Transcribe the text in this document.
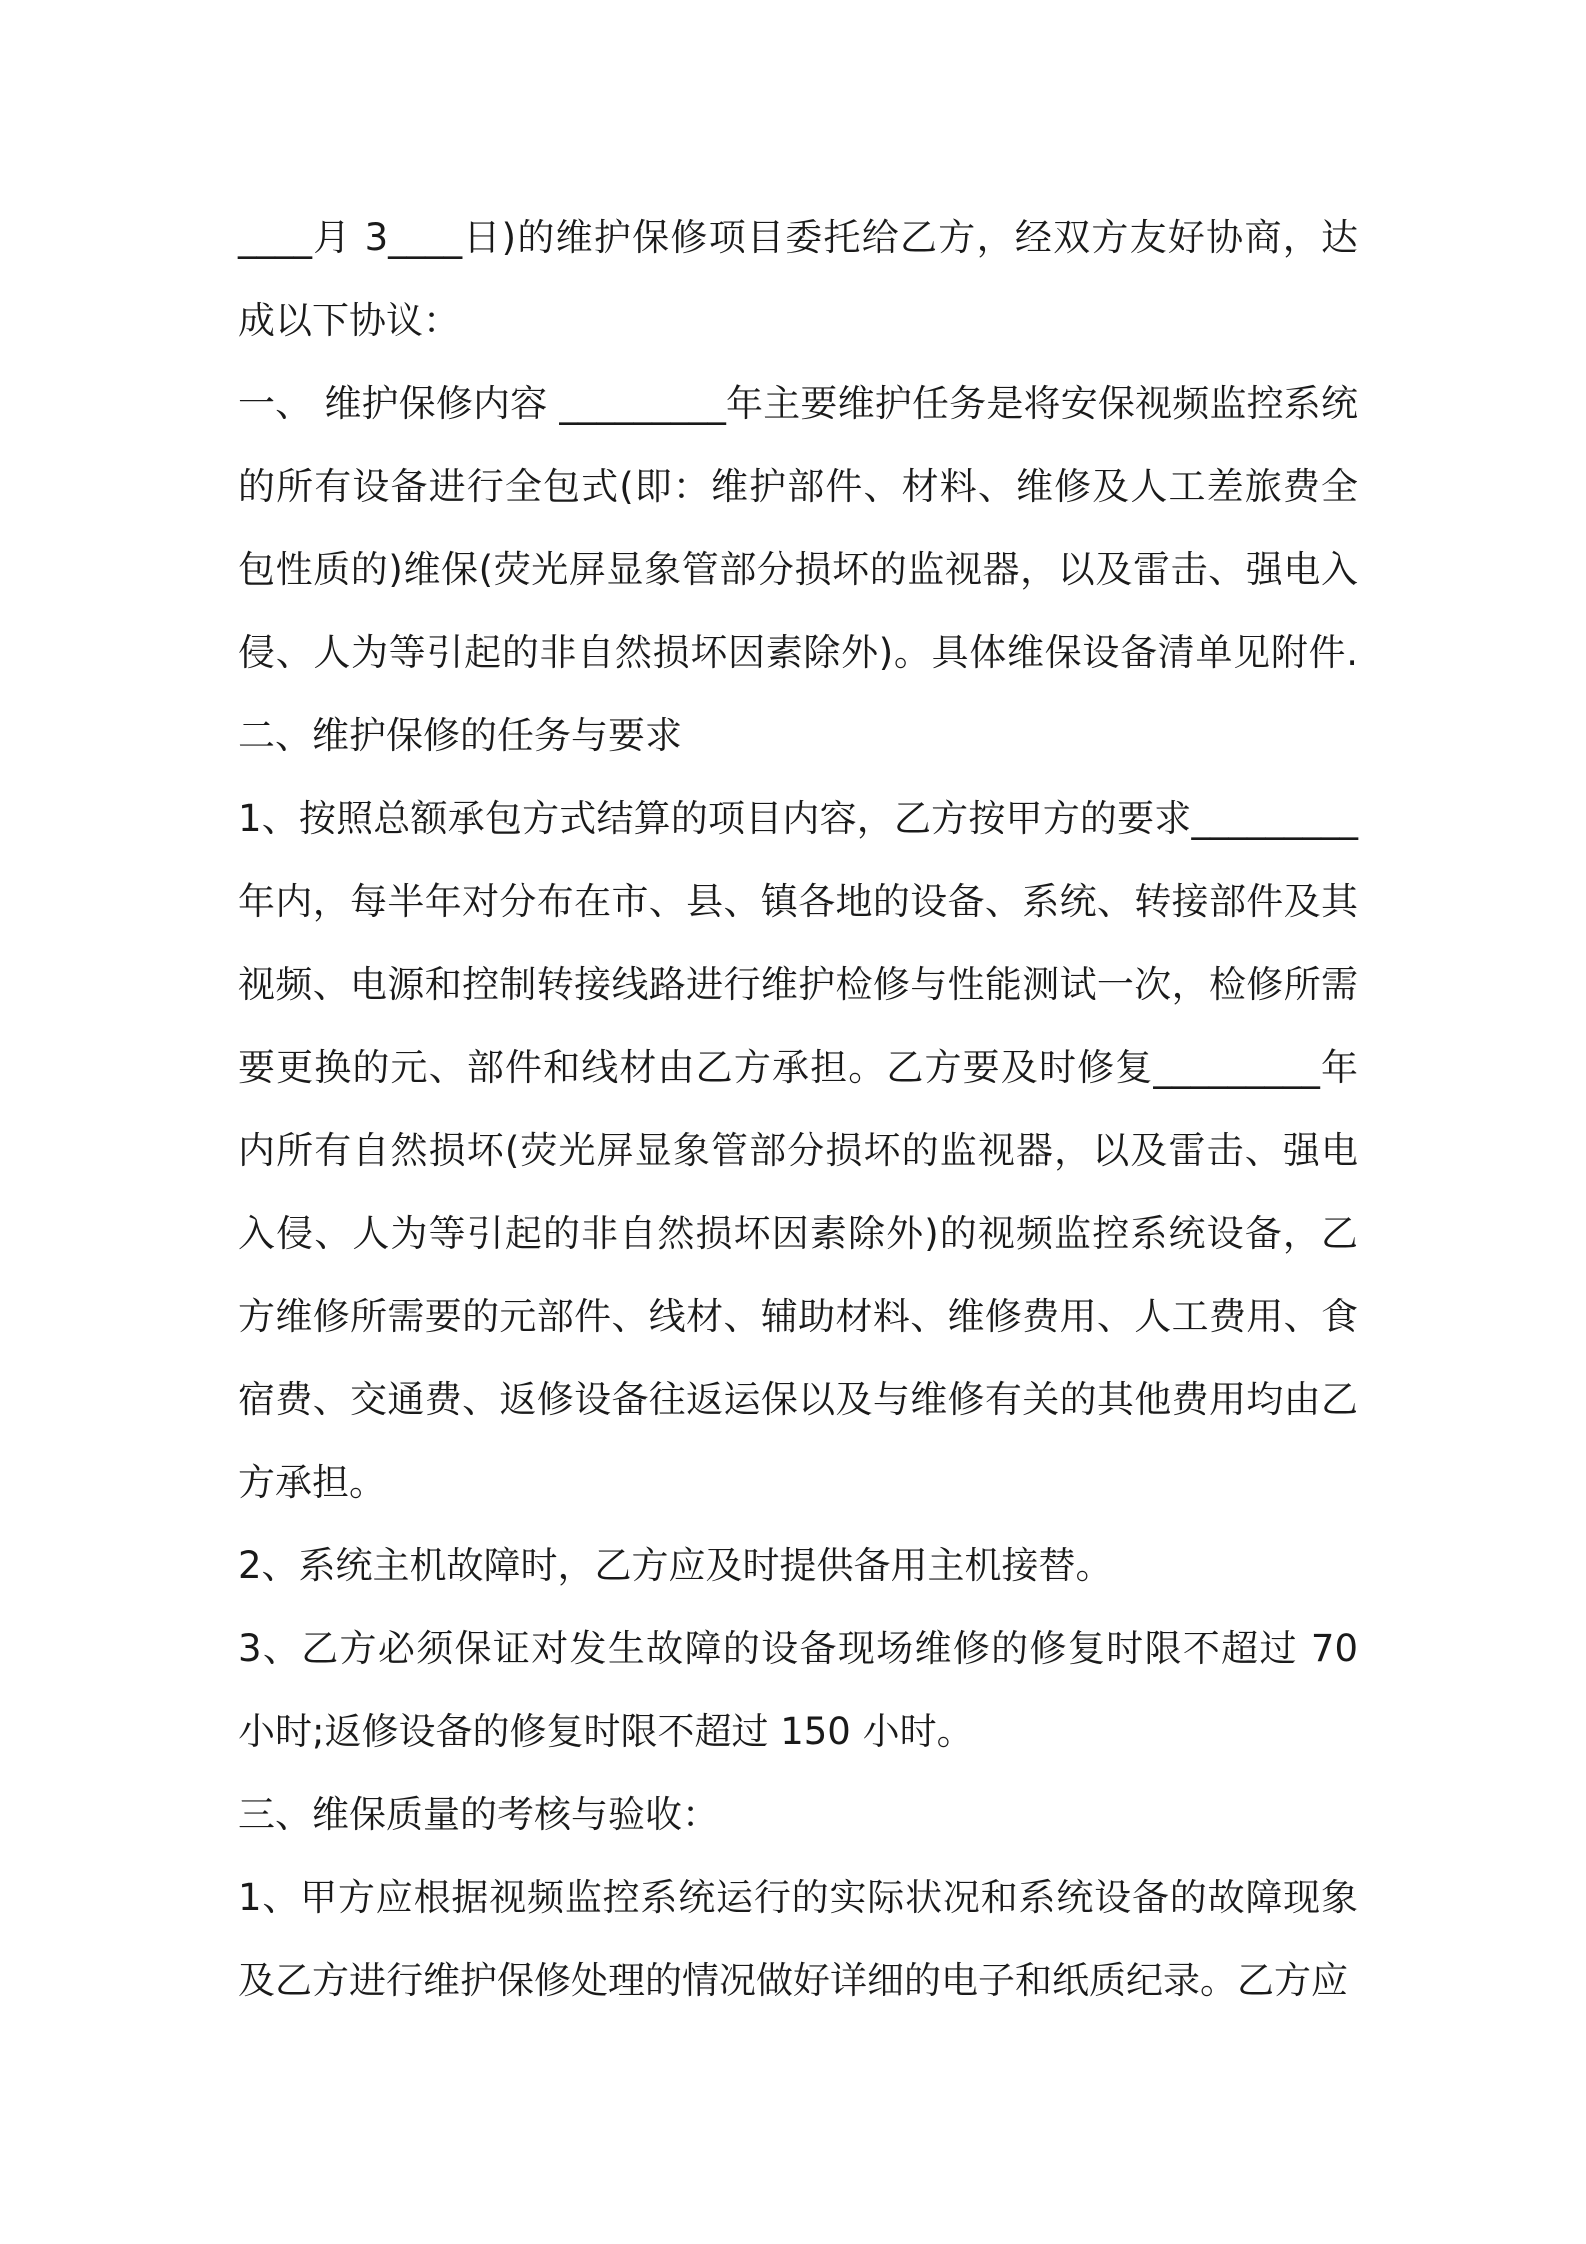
____月 3____日)的维护保修项目委托给乙方，经双方友好协商，达成以下协议：

一、 维护保修内容 _________年主要维护任务是将安保视频监控系统的所有设备进行全包式(即：维护部件、材料、维修及人工差旅费全包性质的)维保(荧光屏显象管部分损坏的监视器，以及雷击、强电入侵、人为等引起的非自然损坏因素除外)。具体维保设备清单见附件.二、维护保修的任务与要求

1、按照总额承包方式结算的项目内容，乙方按甲方的要求_________年内，每半年对分布在市、县、镇各地的设备、系统、转接部件及其视频、电源和控制转接线路进行维护检修与性能测试一次，检修所需要更换的元、部件和线材由乙方承担。乙方要及时修复_________年内所有自然损坏(荧光屏显象管部分损坏的监视器，以及雷击、强电入侵、人为等引起的非自然损坏因素除外)的视频监控系统设备，乙方维修所需要的元部件、线材、辅助材料、维修费用、人工费用、食宿费、交通费、返修设备往返运保以及与维修有关的其他费用均由乙方承担。

2、系统主机故障时，乙方应及时提供备用主机接替。

3、乙方必须保证对发生故障的设备现场维修的修复时限不超过 70 小时;返修设备的修复时限不超过 150 小时。

三、维保质量的考核与验收：

1、甲方应根据视频监控系统运行的实际状况和系统设备的故障现象及乙方进行维护保修处理的情况做好详细的电子和纸质纪录。乙方应
